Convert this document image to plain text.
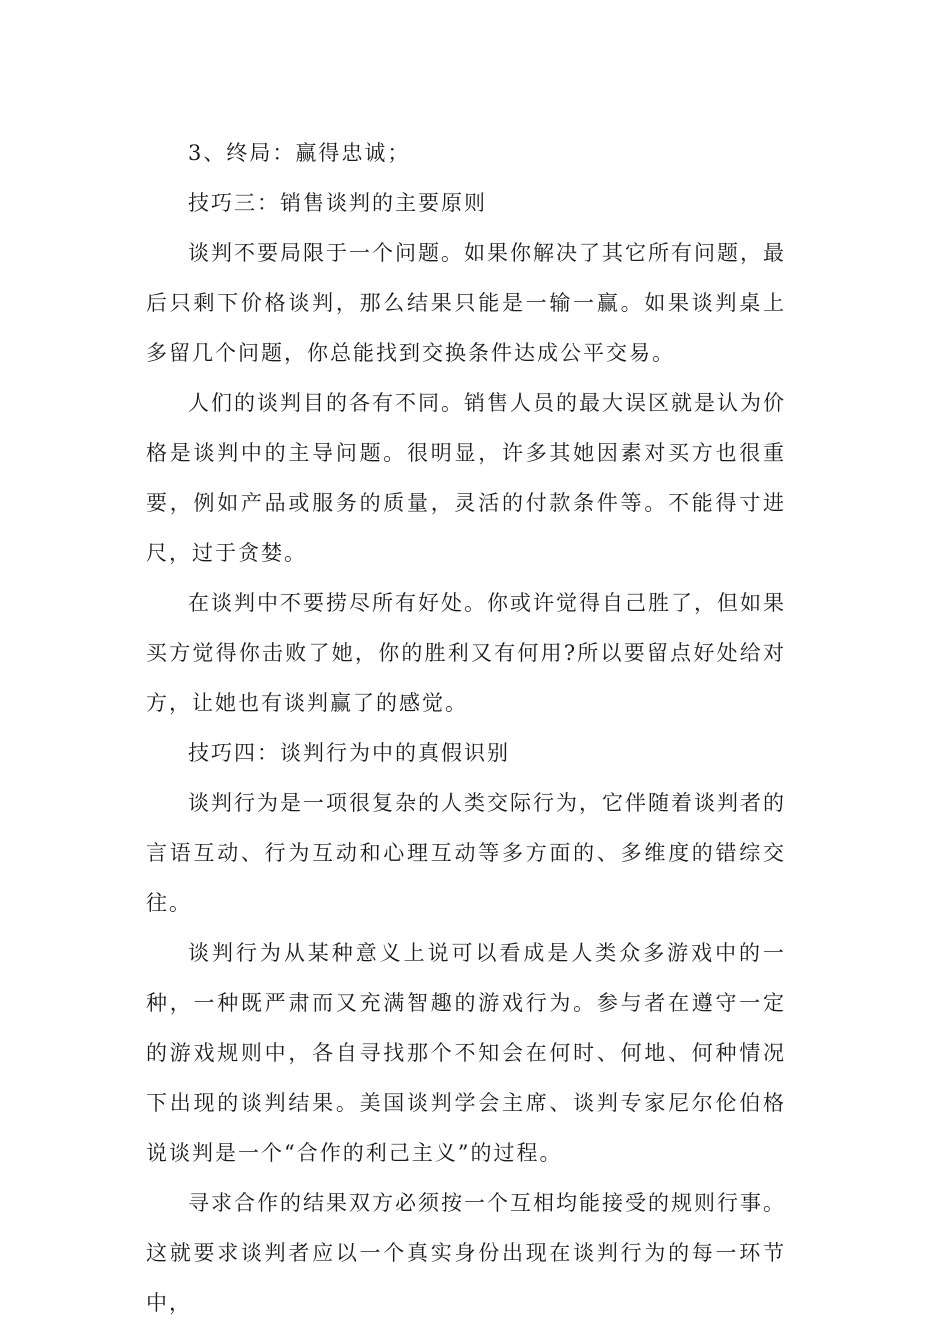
3、终局：赢得忠诚；

技巧三：销售谈判的主要原则

谈判不要局限于一个问题。如果你解决了其它所有问题，最后只剩下价格谈判，那么结果只能是一输一赢。如果谈判桌上多留几个问题，你总能找到交换条件达成公平交易。

人们的谈判目的各有不同。销售人员的最大误区就是认为价格是谈判中的主导问题。很明显，许多其她因素对买方也很重要，例如产品或服务的质量，灵活的付款条件等。不能得寸进尺，过于贪婪。

在谈判中不要捞尽所有好处。你或许觉得自己胜了，但如果买方觉得你击败了她，你的胜利又有何用?所以要留点好处给对方，让她也有谈判赢了的感觉。

技巧四：谈判行为中的真假识别

谈判行为是一项很复杂的人类交际行为，它伴随着谈判者的言语互动、行为互动和心理互动等多方面的、多维度的错综交往。

谈判行为从某种意义上说可以看成是人类众多游戏中的一种，一种既严肃而又充满智趣的游戏行为。参与者在遵守一定的游戏规则中，各自寻找那个不知会在何时、何地、何种情况下出现的谈判结果。美国谈判学会主席、谈判专家尼尔伦伯格说谈判是一个“合作的利己主义”的过程。

寻求合作的结果双方必须按一个互相均能接受的规则行事。这就要求谈判者应以一个真实身份出现在谈判行为的每一环节中，
